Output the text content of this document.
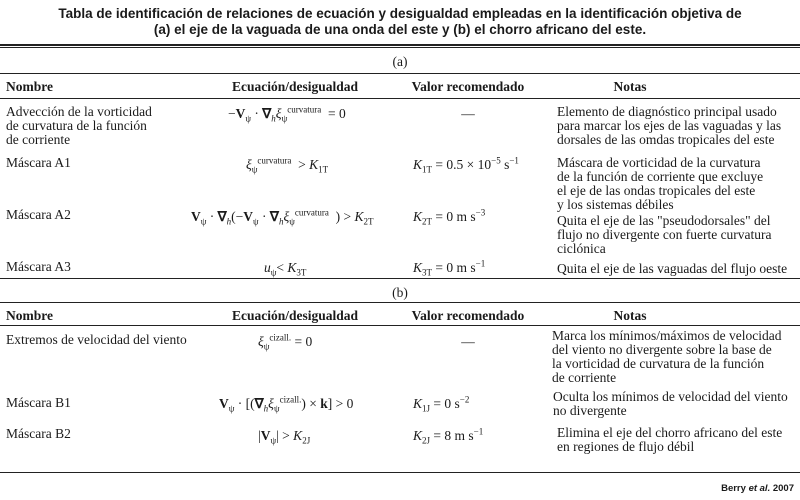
Tabla de identificación de relaciones de ecuación y desigualdad empleadas en la identificación objetiva de
(a) el eje de la vaguada de una onda del este y (b) el chorro africano del este.
(a)
Nombre	Ecuación/desigualdad	Valor recomendado	Notas
Advección de la vorticidad
de curvatura de la función
de corriente
$-V_\psi \cdot \nabla_h\xi_\psi^{curvatura} = 0$	—	Elemento de diagnóstico principal usado
para marcar los ejes de las vaguadas y las
dorsales de las omdas tropicales del este
Máscara A1	$\xi_\psi^{curvatura} > K_{1T}$	$K_{1T} = 0.5 \times 10^{-5}$ $s^{-1}$	Máscara de vorticidad de la curvatura
de la función de corriente que excluye
el eje de las ondas tropicales del este
y los sistemas débiles
Máscara A2	$V_\psi \cdot \nabla_h(-V_\psi \cdot \nabla_h\xi_\psi^{curvatura}$  ) > $K_{2T}$	$K_{2T} = 0$ m $s^{-3}$
Quita el eje de las "pseudodorsales" del
flujo no divergente con fuerte curvatura
ciclónica
Máscara A3	$u_\psi< K_{3T}$	$K_{3T} = 0$ m $s^{-1}$	Quita el eje de las vaguadas del flujo oeste
(b)
Nombre	Ecuación/desigualdad	Valor recomendado	Notas
Extremos de velocidad del viento	$\xi_\psi^{cizall.} = 0$	—	Marca los mínimos/máximos de velocidad
del viento no divergente sobre la base de
la vorticidad de curvatura de la función
de corriente
Máscara B1	$V_\psi \cdot [(\nabla_h\xi_\psi^{cizall.}) \times k] > 0$	$K_{1J} = 0$ $s^{-2}$	Oculta los mínimos de velocidad del viento
no divergente
Máscara B2	$|V_\psi| > K_{2J}$	$K_{2J} = 8$ m $s^{-1}$	Elimina el eje del chorro africano del este
en regiones de flujo débil
Berry et al. 2007
